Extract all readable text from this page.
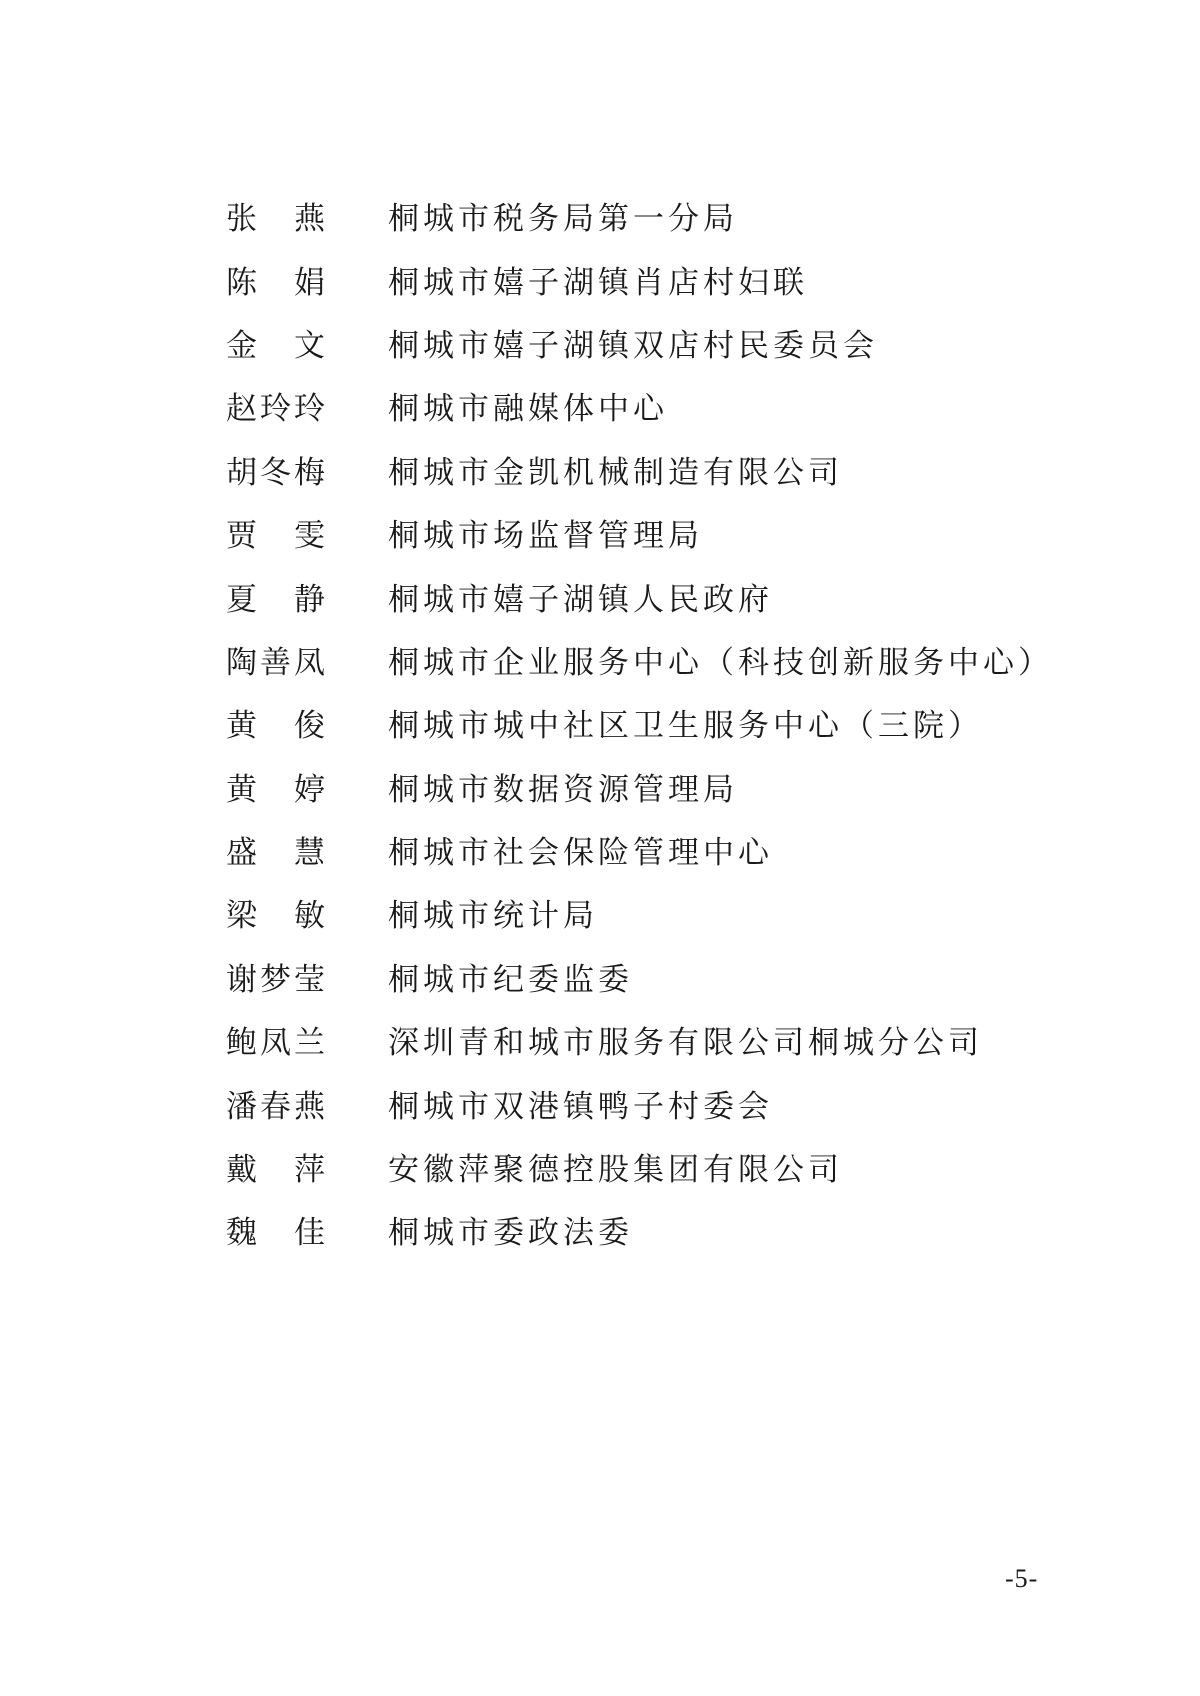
张　燕	桐城市税务局第一分局
陈　娟	桐城市嬉子湖镇肖店村妇联
金　文	桐城市嬉子湖镇双店村民委员会
赵玲玲	桐城市融媒体中心
胡冬梅	桐城市金凯机械制造有限公司
贾　雯	桐城市场监督管理局
夏　静	桐城市嬉子湖镇人民政府
陶善凤	桐城市企业服务中心（科技创新服务中心）
黄　俊	桐城市城中社区卫生服务中心（三院）
黄　婷	桐城市数据资源管理局
盛　慧	桐城市社会保险管理中心
梁　敏	桐城市统计局
谢梦莹	桐城市纪委监委
鲍凤兰	深圳青和城市服务有限公司桐城分公司
潘春燕	桐城市双港镇鸭子村委会
戴　萍	安徽萍聚德控股集团有限公司
魏　佳	桐城市委政法委
-5-
